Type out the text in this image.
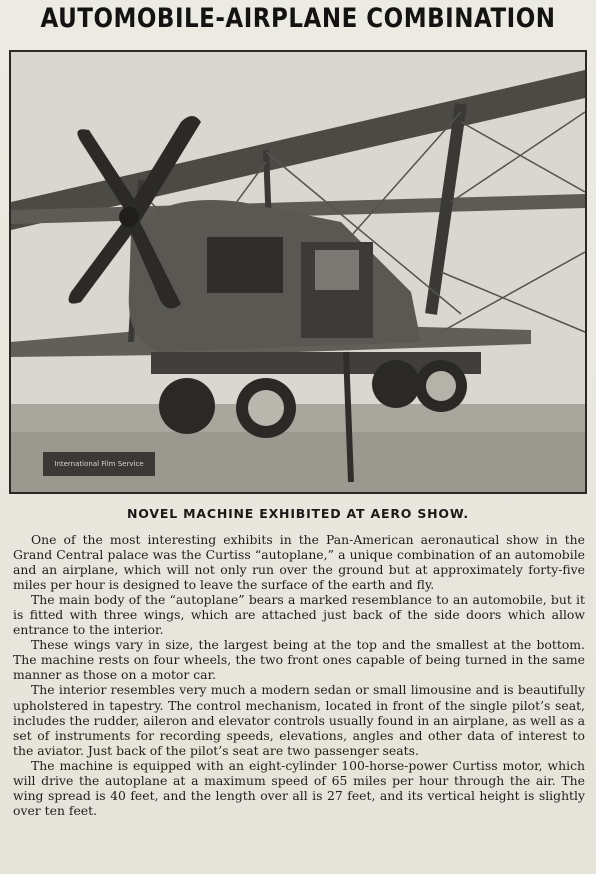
AUTOMOBILE-AIRPLANE COMBINATION
International Film Service
NOVEL MACHINE EXHIBITED AT AERO SHOW.

One of the most interesting exhibits in the Pan-American aeronautical show in the Grand Central palace was the Curtiss “autoplane,” a unique combination of an automobile and an airplane, which will not only run over the ground but at approximately forty-five miles per hour is designed to leave the surface of the earth and fly.

The main body of the “autoplane” bears a marked resemblance to an automobile, but it is fitted with three wings, which are attached just back of the side doors which allow entrance to the interior.

These wings vary in size, the largest being at the top and the smallest at the bottom. The machine rests on four wheels, the two front ones capable of being turned in the same manner as those on a motor car.

The interior resembles very much a modern sedan or small limousine and is beautifully upholstered in tapestry. The control mechanism, located in front of the single pilot’s seat, includes the rudder, aileron and elevator controls usually found in an airplane, as well as a set of instruments for recording speeds, elevations, angles and other data of interest to the aviator. Just back of the pilot’s seat are two passenger seats.

The machine is equipped with an eight-cylinder 100-horse-power Curtiss motor, which will drive the autoplane at a maximum speed of 65 miles per hour through the air. The wing spread is 40 feet, and the length over all is 27 feet, and its vertical height is slightly over ten feet.
